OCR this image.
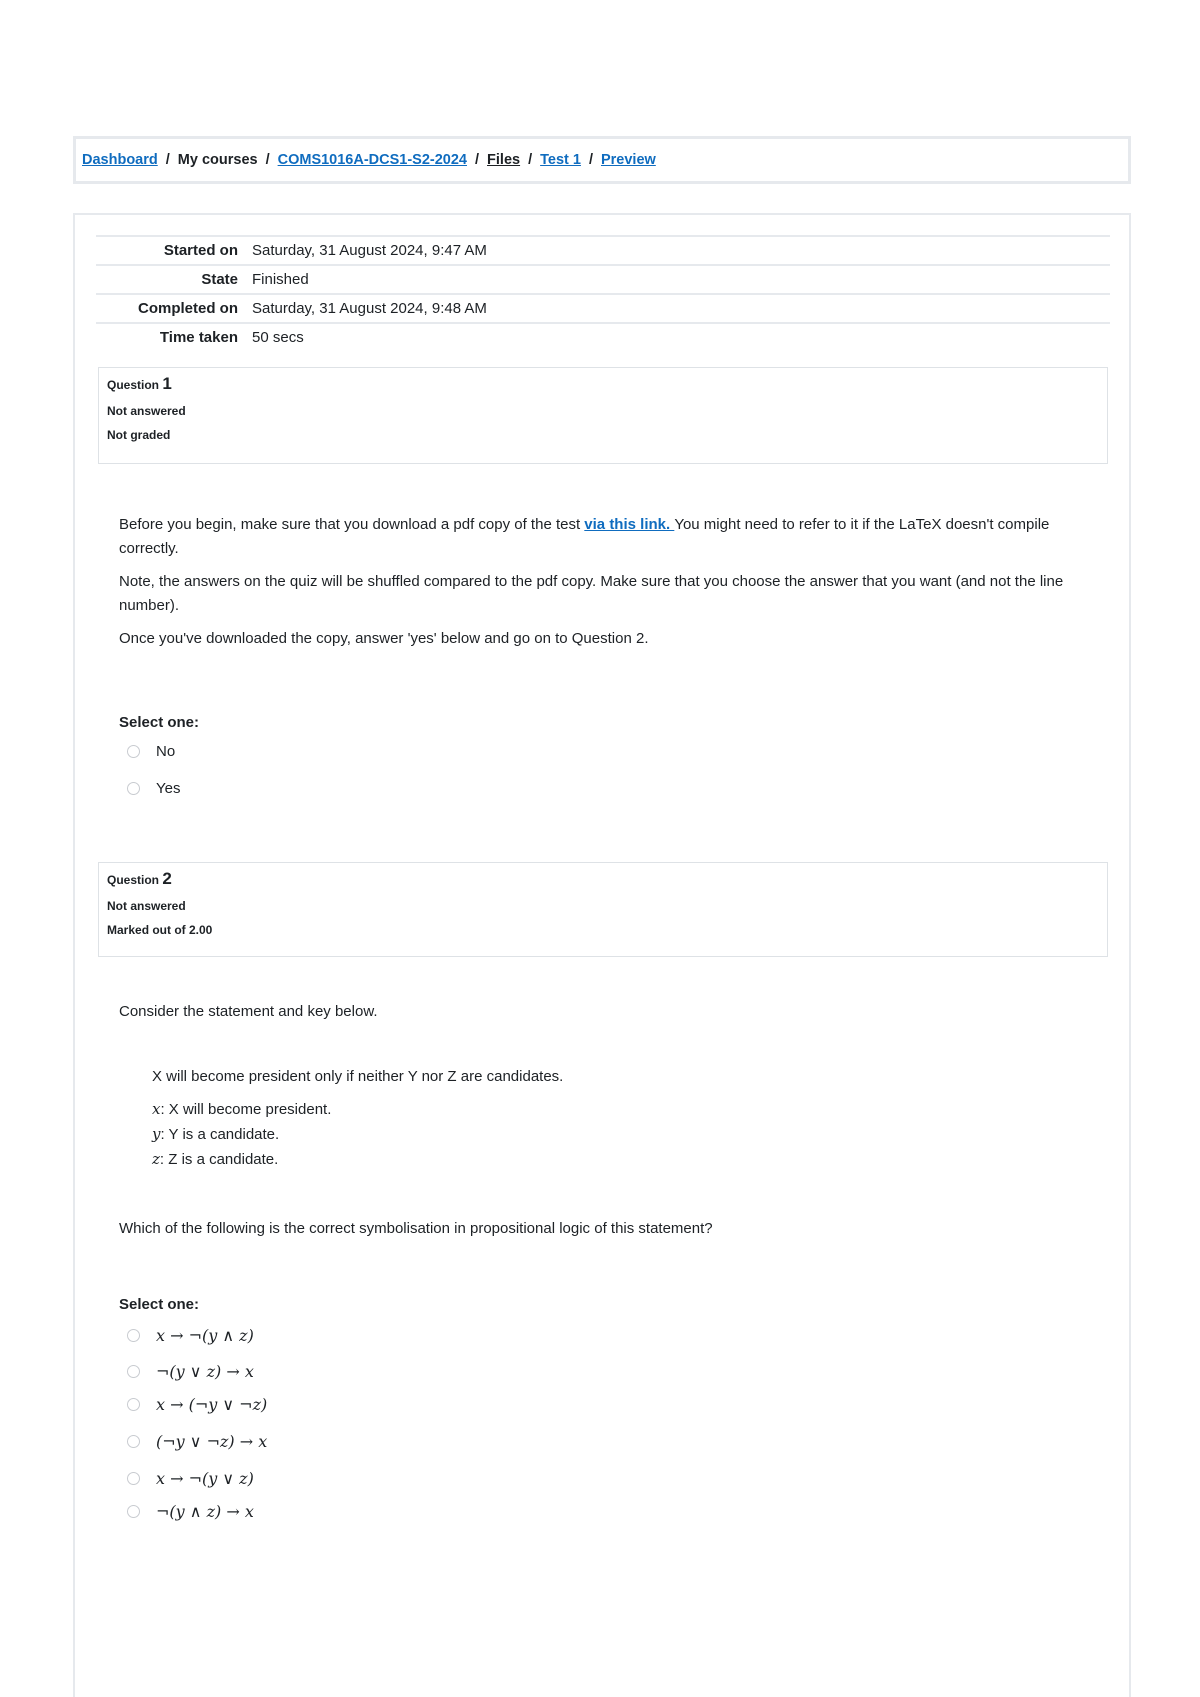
Dashboard / My courses / COMS1016A-DCS1-S2-2024 / Files / Test 1 / Preview
Started on Saturday, 31 August 2024, 9:47 AM
State Finished
Completed on Saturday, 31 August 2024, 9:48 AM
Time taken 50 secs
Question 1
Not answered
Not graded

Before you begin, make sure that you download a pdf copy of the test via this link. You might need to refer to it if the LaTeX doesn't compile correctly.

Note, the answers on the quiz will be shuffled compared to the pdf copy. Make sure that you choose the answer that you want (and not the line number).

Once you've downloaded the copy, answer 'yes' below and go on to Question 2.

Select one:
No
Yes
Question 2
Not answered
Marked out of 2.00
Consider the statement and key below.
X will become president only if neither Y nor Z are candidates.
x: X will become president.
y: Y is a candidate.
z: Z is a candidate.
Which of the following is the correct symbolisation in propositional logic of this statement?
Select one:
x → ¬(y ∧ z)
¬(y ∨ z) → x
x → (¬y ∨ ¬z)
(¬y ∨ ¬z) → x
x → ¬(y ∨ z)
¬(y ∧ z) → x
